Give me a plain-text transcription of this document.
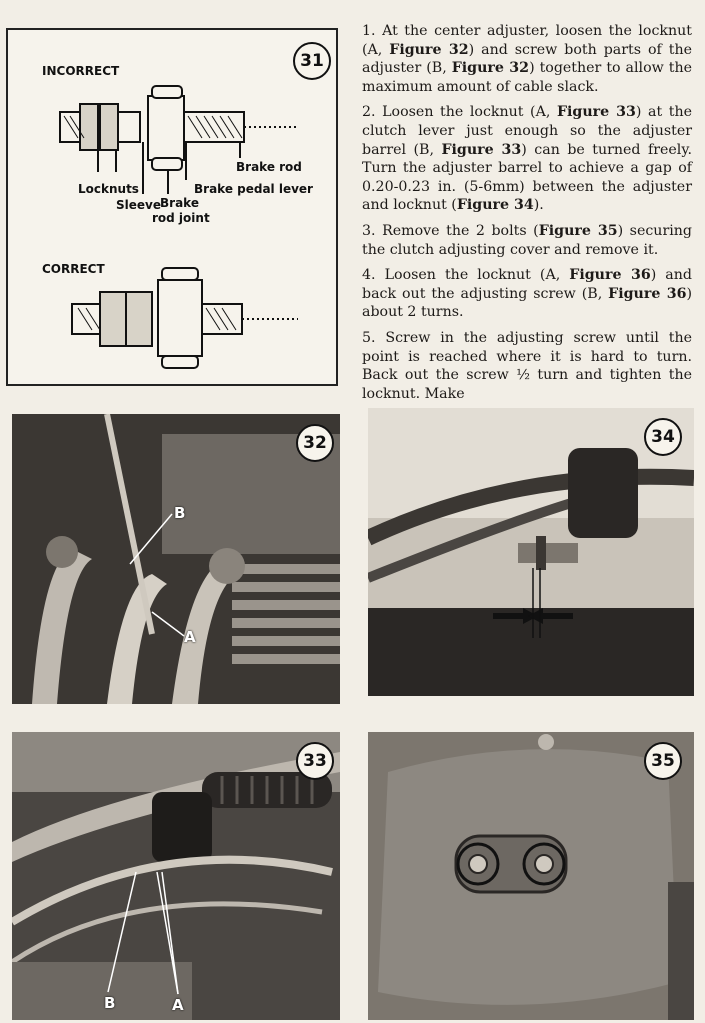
31
INCORRECT
CORRECT
Brake rod
Locknuts	Brake pedal lever
Sleeve Brake
rod joint
32
B
A
33
B	A
34
35

1. At the center adjuster, loosen the locknut (A, Figure 32) and screw both parts of the adjuster (B, Figure 32) together to allow the maximum amount of cable slack.

2. Loosen the locknut (A, Figure 33) at the clutch lever just enough so the adjuster barrel (B, Figure 33) can be turned freely. Turn the adjuster barrel to achieve a gap of 0.20-0.23 in. (5-6mm) between the adjuster and locknut (Figure 34).

3. Remove the 2 bolts (Figure 35) securing the clutch adjusting cover and remove it.

4. Loosen the locknut (A, Figure 36) and back out the adjusting screw (B, Figure 36) about 2 turns.

5. Screw in the adjusting screw until the point is reached where it is hard to turn. Back out the screw ½ turn and tighten the locknut. Make
